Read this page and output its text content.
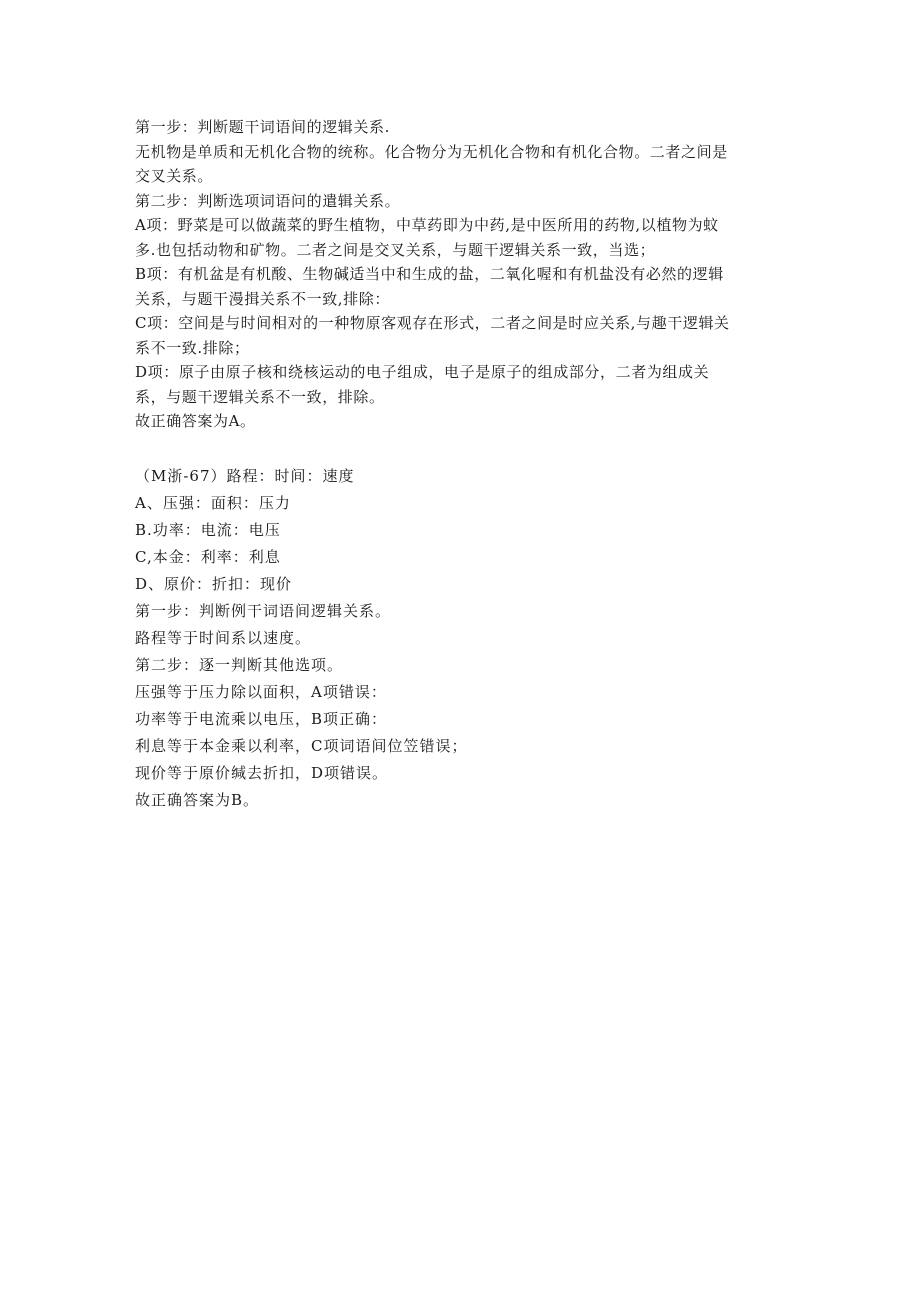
第一步：判断题干词语间的逻辑关系.
无机物是单质和无机化合物的统称。化合物分为无机化合物和有机化合物。二者之间是
交叉关系。
第二步：判断选项词语问的遣辑关系。
A项：野菜是可以做蔬菜的野生植物，中草药即为中药,是中医所用的药物,以植物为蚊
多.也包括动物和矿物。二者之间是交叉关系，与题干逻辑关系一致，当选；
B项：有机盆是有机酸、生物碱适当中和生成的盐，二氧化喔和有机盐没有必然的逻辑
关系，与题干漫揖关系不一致,排除：
C项：空间是与时间相对的一种物原客观存在形式，二者之间是时应关系,与趣干逻辑关
系不一致.排除；
D项：原子由原子核和绕核运动的电子组成，电子是原子的组成部分，二者为组成关
系，与题干逻辑关系不一致，排除。
故正确答案为A。
（M浙-67）路程：时间：速度
A、压强：面积：压力
B.功率：电流：电压
C,本金：利率：利息
D、原价：折扣：现价
第一步：判断例干词语间逻辑关系。
路程等于时间系以速度。
第二步：逐一判断其他选项。
压强等于压力除以面积，A项错误：
功率等于电流乘以电压，B项正确：
利息等于本金乘以利率，C项词语间位笠错误；
现价等于原价缄去折扣，D项错误。
故正确答案为B。
